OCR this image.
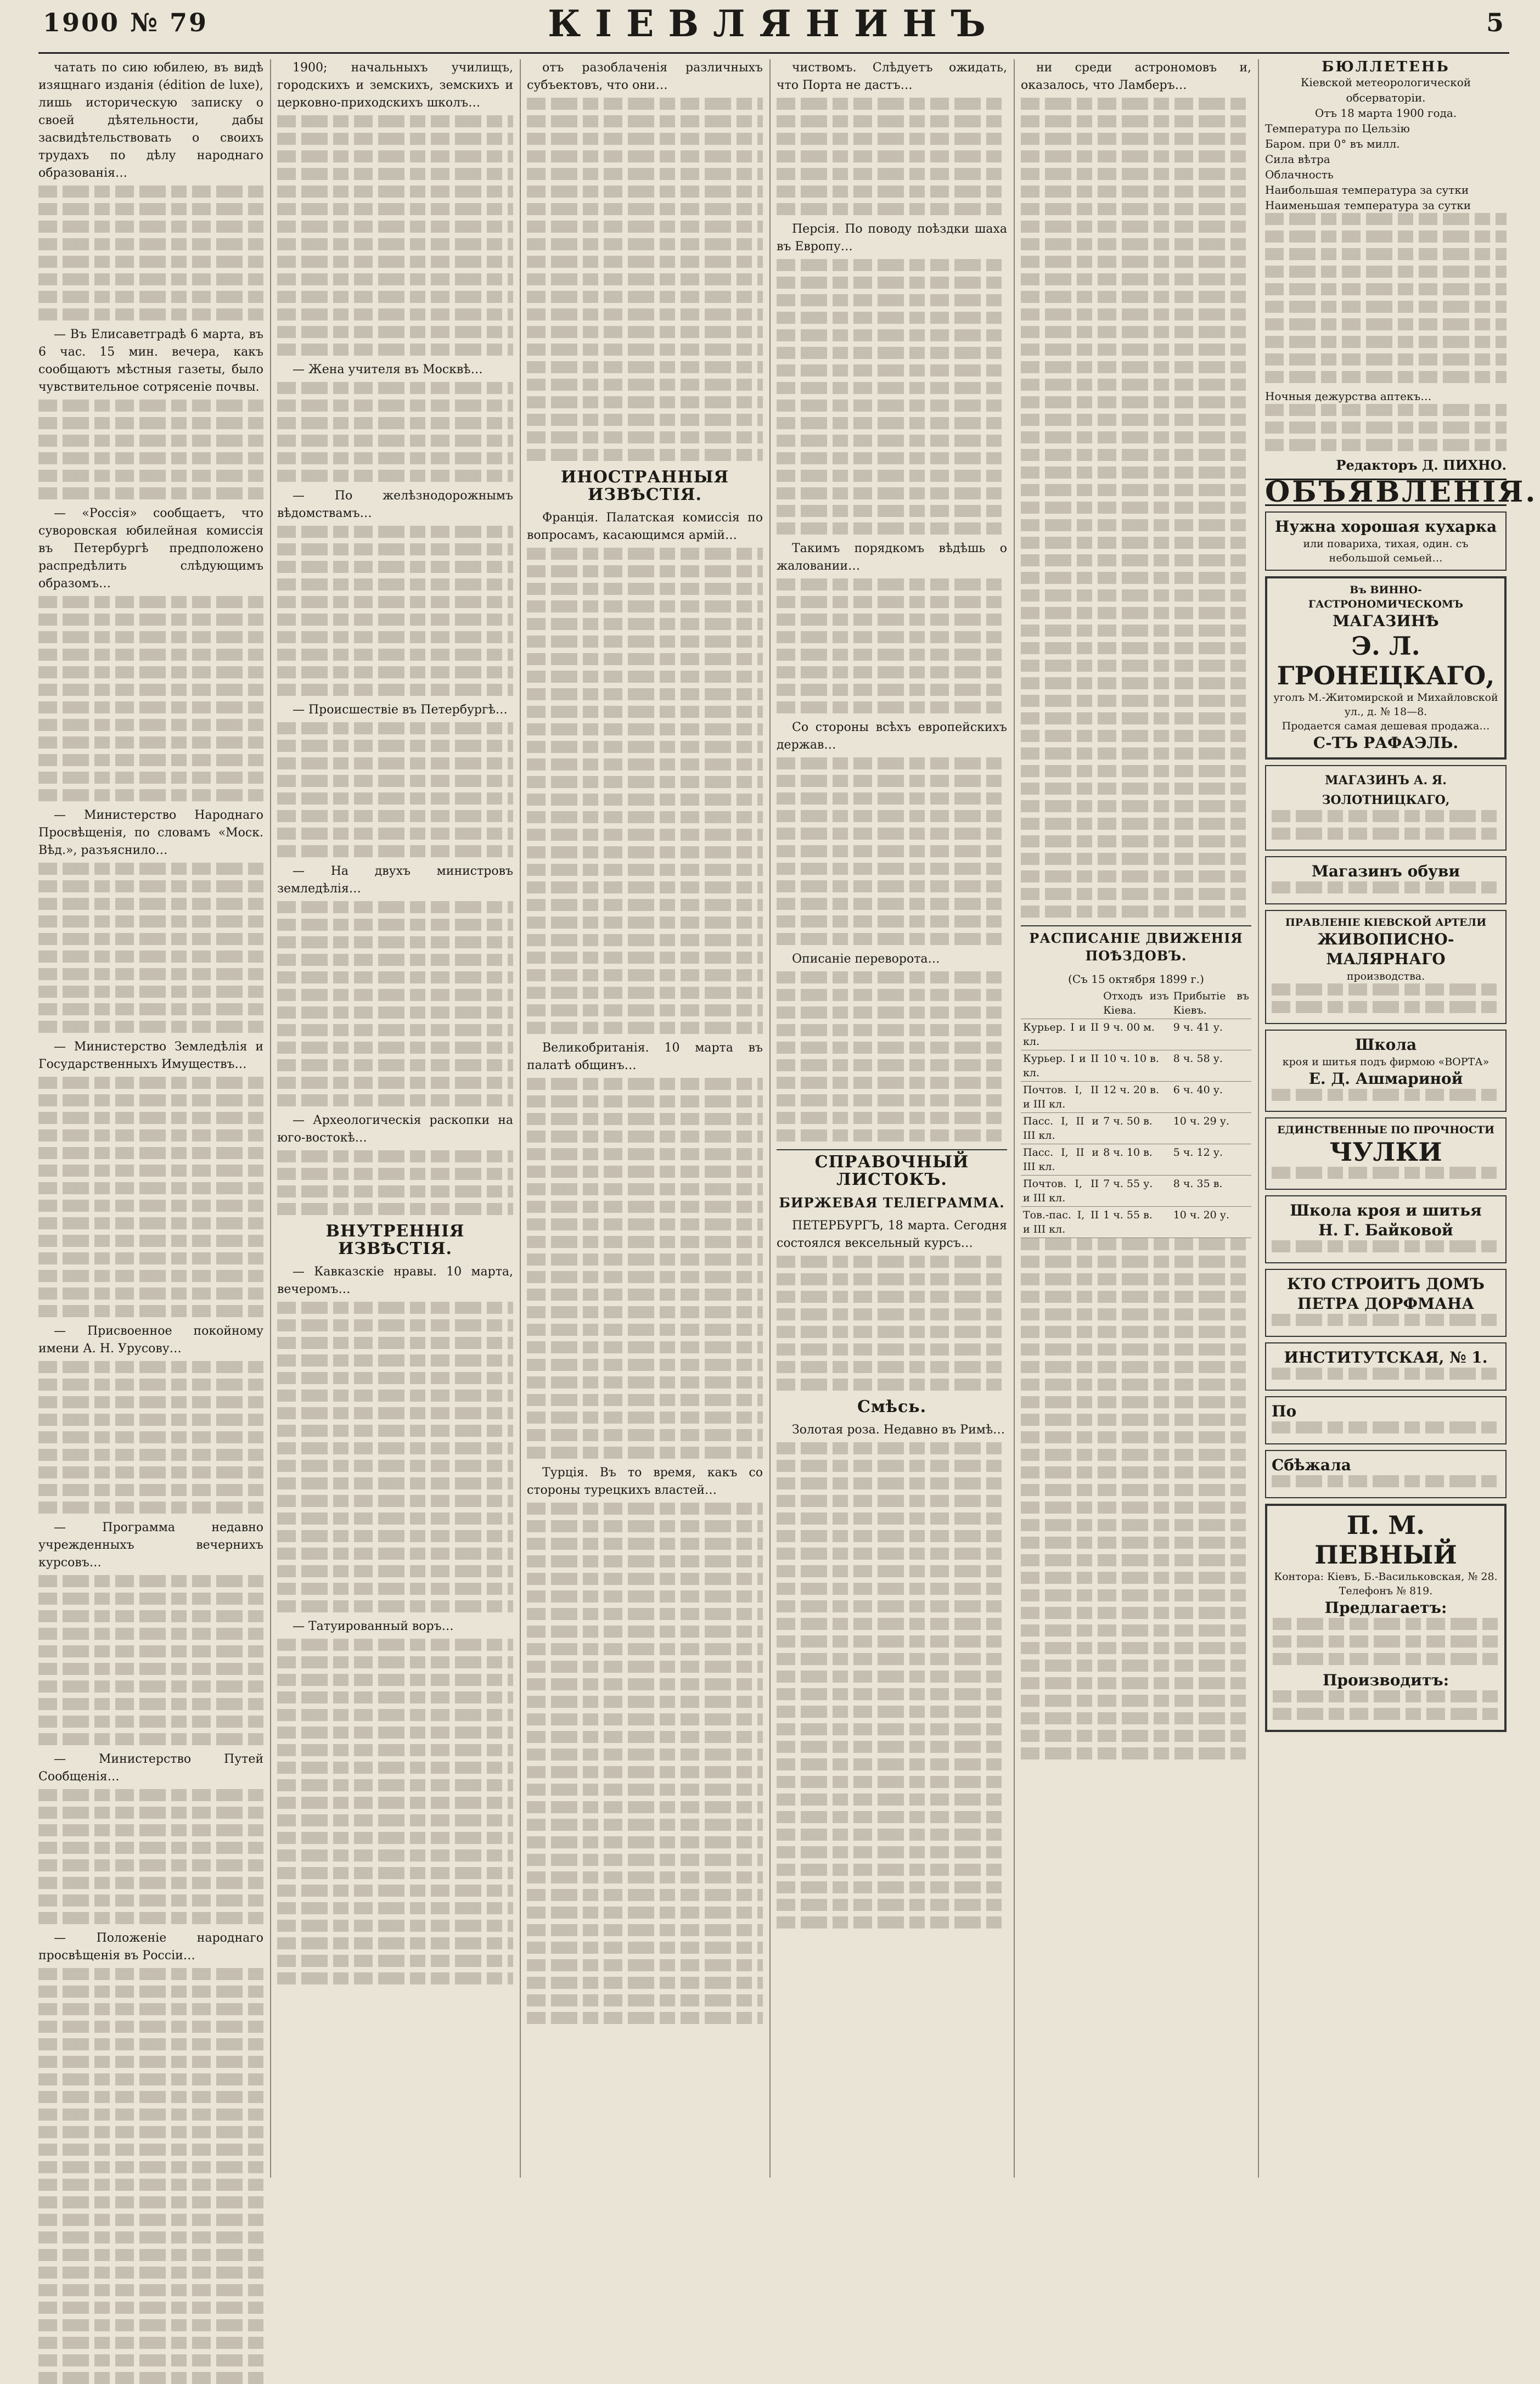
1900 № 79	КІЕВЛЯНИНЪ	5

чатать по сию юбилею, въ видѣ изящнаго изданія (édition de luxe), лишь историческую записку о своей дѣятельности, дабы засвидѣтельствовать о своихъ трудахъ по дѣлу народнаго образованія…

— Въ Елисаветградѣ 6 марта, въ 6 час. 15 мин. вечера, какъ сообщаютъ мѣстныя газеты, было чувствительное сотрясеніе почвы.

— «Россія» сообщаетъ, что суворовская юбилейная комиссія въ Петербургѣ предположено распредѣлить слѣдующимъ образомъ…

— Министерство Народнаго Просвѣщенія, по словамъ «Моск. Вѣд.», разъяснило…

— Министерство Земледѣлія и Государственныхъ Имуществъ…

— Присвоенное покойному имени А. Н. Урусову…

— Программа недавно учрежденныхъ вечернихъ курсовъ…

— Министерство Путей Сообщенія…

— Положеніе народнаго просвѣщенія въ Россіи…

1900; начальныхъ училищъ, городскихъ и земскихъ, земскихъ и церковно-приходскихъ школъ…

— Жена учителя въ Москвѣ…

— По желѣзнодорожнымъ вѣдомствамъ…

— Происшествіе въ Петербургѣ…

— На двухъ министровъ земледѣлія…

— Археологическія раскопки на юго-востокѣ…

ВНУТРЕННІЯ ИЗВѢСТІЯ.

— Кавказскіе нравы. 10 марта, вечеромъ…

— Татуированный воръ…

отъ разоблаченія различныхъ субъектовъ, что они…

ИНОСТРАННЫЯ ИЗВѢСТІЯ.

Франція. Палатская комиссія по вопросамъ, касающимся армій…

Великобританія. 10 марта въ палатѣ общинъ…

Турція. Въ то время, какъ со стороны турецкихъ властей…

чиствомъ. Слѣдуетъ ожидать, что Порта не дастъ…

Персія. По поводу поѣздки шаха въ Европу…

Такимъ порядкомъ вѣдѣшь о жаловании…

Со стороны всѣхъ европейскихъ держав…

Описаніе переворота…

СПРАВОЧНЫЙ ЛИСТОКЪ.
БИРЖЕВАЯ ТЕЛЕГРАММА.

ПЕТЕРБУРГЪ, 18 марта. Сегодня состоялся вексельный курсъ…

Смѣсь.

Золотая роза. Недавно въ Римѣ…

ни среди астрономовъ и, оказалось, что Ламберъ…

РАСПИСАНІЕ ДВИЖЕНІЯ ПОѢЗДОВЪ.
(Съ 15 октября 1899 г.)
	Отходъ изъ Кіева.	Прибытіе въ Кіевъ.
Курьер. I и II кл.	9 ч. 00 м.	9 ч. 41 у.
Курьер. I и II кл.	10 ч. 10 в.	8 ч. 58 у.
Почтов. I, II и III кл.	12 ч. 20 в.	6 ч. 40 у.
Пасс. I, II и III кл.	7 ч. 50 в.	10 ч. 29 у.
Пасс. I, II и III кл.	8 ч. 10 в.	5 ч. 12 у.
Почтов. I, II и III кл.	7 ч. 55 у.	8 ч. 35 в.
Тов.-пас. I, II и III кл.	1 ч. 55 в.	10 ч. 20 у.
БЮЛЛЕТЕНЬ
Кіевской метеорологической обсерваторіи.
Отъ 18 марта 1900 года.
Температура по Цельзію
Баром. при 0° въ милл.
Сила вѣтра
Облачность
Наибольшая температура за сутки
Наименьшая температура за сутки
Ночныя дежурства аптекъ…
Редакторъ Д. ПИХНО.
ОБЪЯВЛЕНІЯ.
Нужна хорошая кухарка
или повариха, тихая, один. съ небольшой семьей…
Въ ВИННО-ГАСТРОНОМИЧЕСКОМЪ
МАГАЗИНѢ
Э. Л. ГРОНЕЦКАГО,
уголъ М.-Житомирской и Михайловской ул., д. № 18—8.
Продается самая дешевая продажа…
С-ТЪ РАФАЭЛЬ.
МАГАЗИНЪ А. Я. ЗОЛОТНИЦКАГО,
Магазинъ обуви
ПРАВЛЕНІЕ КІЕВСКОЙ АРТЕЛИ
ЖИВОПИСНО-МАЛЯРНАГО
производства.
Школа
кроя и шитья подъ фирмою «ВОРТА»
Е. Д. Ашмариной
ЕДИНСТВЕННЫЕ ПО ПРОЧНОСТИ
ЧУЛКИ
Школа кроя и шитья
Н. Г. Байковой
КТО СТРОИТЪ ДОМЪ
ПЕТРА ДОРФМАНА
ИНСТИТУТСКАЯ, № 1.
По
Сбѣжала
П. М. ПЕВНЫЙ
Контора: Кіевъ, Б.-Васильковская, № 28.
Телефонъ № 819.
Предлагаетъ:
Производитъ:
